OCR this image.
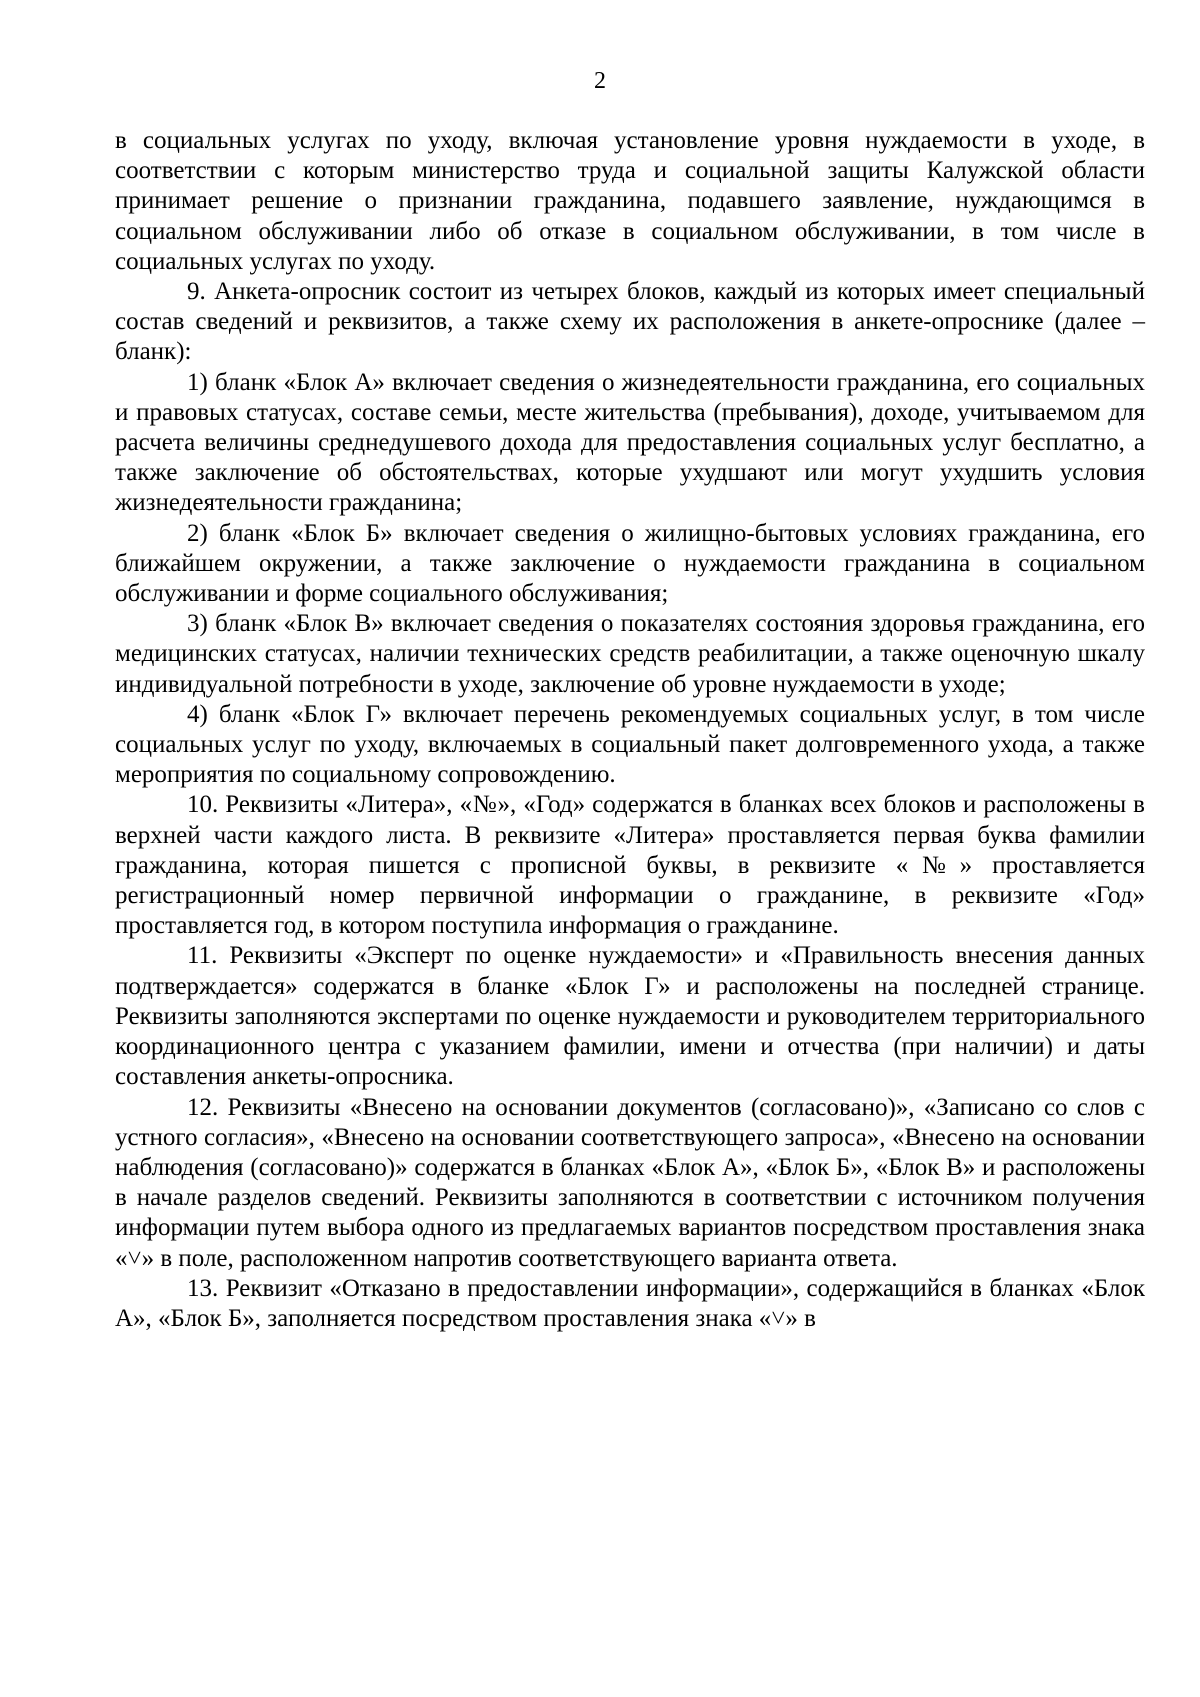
2

в социальных услугах по уходу, включая установление уровня нуждаемости в уходе, в соответствии с которым министерство труда и социальной защиты Калужской области принимает решение о признании гражданина, подавшего заявление, нуждающимся в социальном обслуживании либо об отказе в социальном обслуживании, в том числе в социальных услугах по уходу.

9. Анкета-опросник состоит из четырех блоков, каждый из которых имеет специальный состав сведений и реквизитов, а также схему их расположения в анкете-опроснике (далее – бланк):

1) бланк «Блок А» включает сведения о жизнедеятельности гражданина, его социальных и правовых статусах, составе семьи, месте жительства (пребывания), доходе, учитываемом для расчета величины среднедушевого дохода для предоставления социальных услуг бесплатно, а также заключение об обстоятельствах, которые ухудшают или могут ухудшить условия жизнедеятельности гражданина;

2) бланк «Блок Б» включает сведения о жилищно-бытовых условиях гражданина, его ближайшем окружении, а также заключение о нуждаемости гражданина в социальном обслуживании и форме социального обслуживания;

3) бланк «Блок В» включает сведения о показателях состояния здоровья гражданина, его медицинских статусах, наличии технических средств реабилитации, а также оценочную шкалу индивидуальной потребности в уходе, заключение об уровне нуждаемости в уходе;

4) бланк «Блок Г» включает перечень рекомендуемых социальных услуг, в том числе социальных услуг по уходу, включаемых в социальный пакет долговременного ухода, а также мероприятия по социальному сопровождению.

10. Реквизиты «Литера», «№», «Год» содержатся в бланках всех блоков и расположены в верхней части каждого листа. В реквизите «Литера» проставляется первая буква фамилии гражданина, которая пишется с прописной буквы, в реквизите «№» проставляется регистрационный номер первичной информации о гражданине, в реквизите «Год» проставляется год, в котором поступила информация о гражданине.

11. Реквизиты «Эксперт по оценке нуждаемости» и «Правильность внесения данных подтверждается» содержатся в бланке «Блок Г» и расположены на последней странице. Реквизиты заполняются экспертами по оценке нуждаемости и руководителем территориального координационного центра с указанием фамилии, имени и отчества (при наличии) и даты составления анкеты-опросника.

12. Реквизиты «Внесено на основании документов (согласовано)», «Записано со слов с устного согласия», «Внесено на основании соответствующего запроса», «Внесено на основании наблюдения (согласовано)» содержатся в бланках «Блок А», «Блок Б», «Блок В» и расположены в начале разделов сведений. Реквизиты заполняются в соответствии с источником получения информации путем выбора одного из предлагаемых вариантов посредством проставления знака «˅» в поле, расположенном напротив соответствующего варианта ответа.

13. Реквизит «Отказано в предоставлении информации», содержащийся в бланках «Блок А», «Блок Б», заполняется посредством проставления знака «˅» в
